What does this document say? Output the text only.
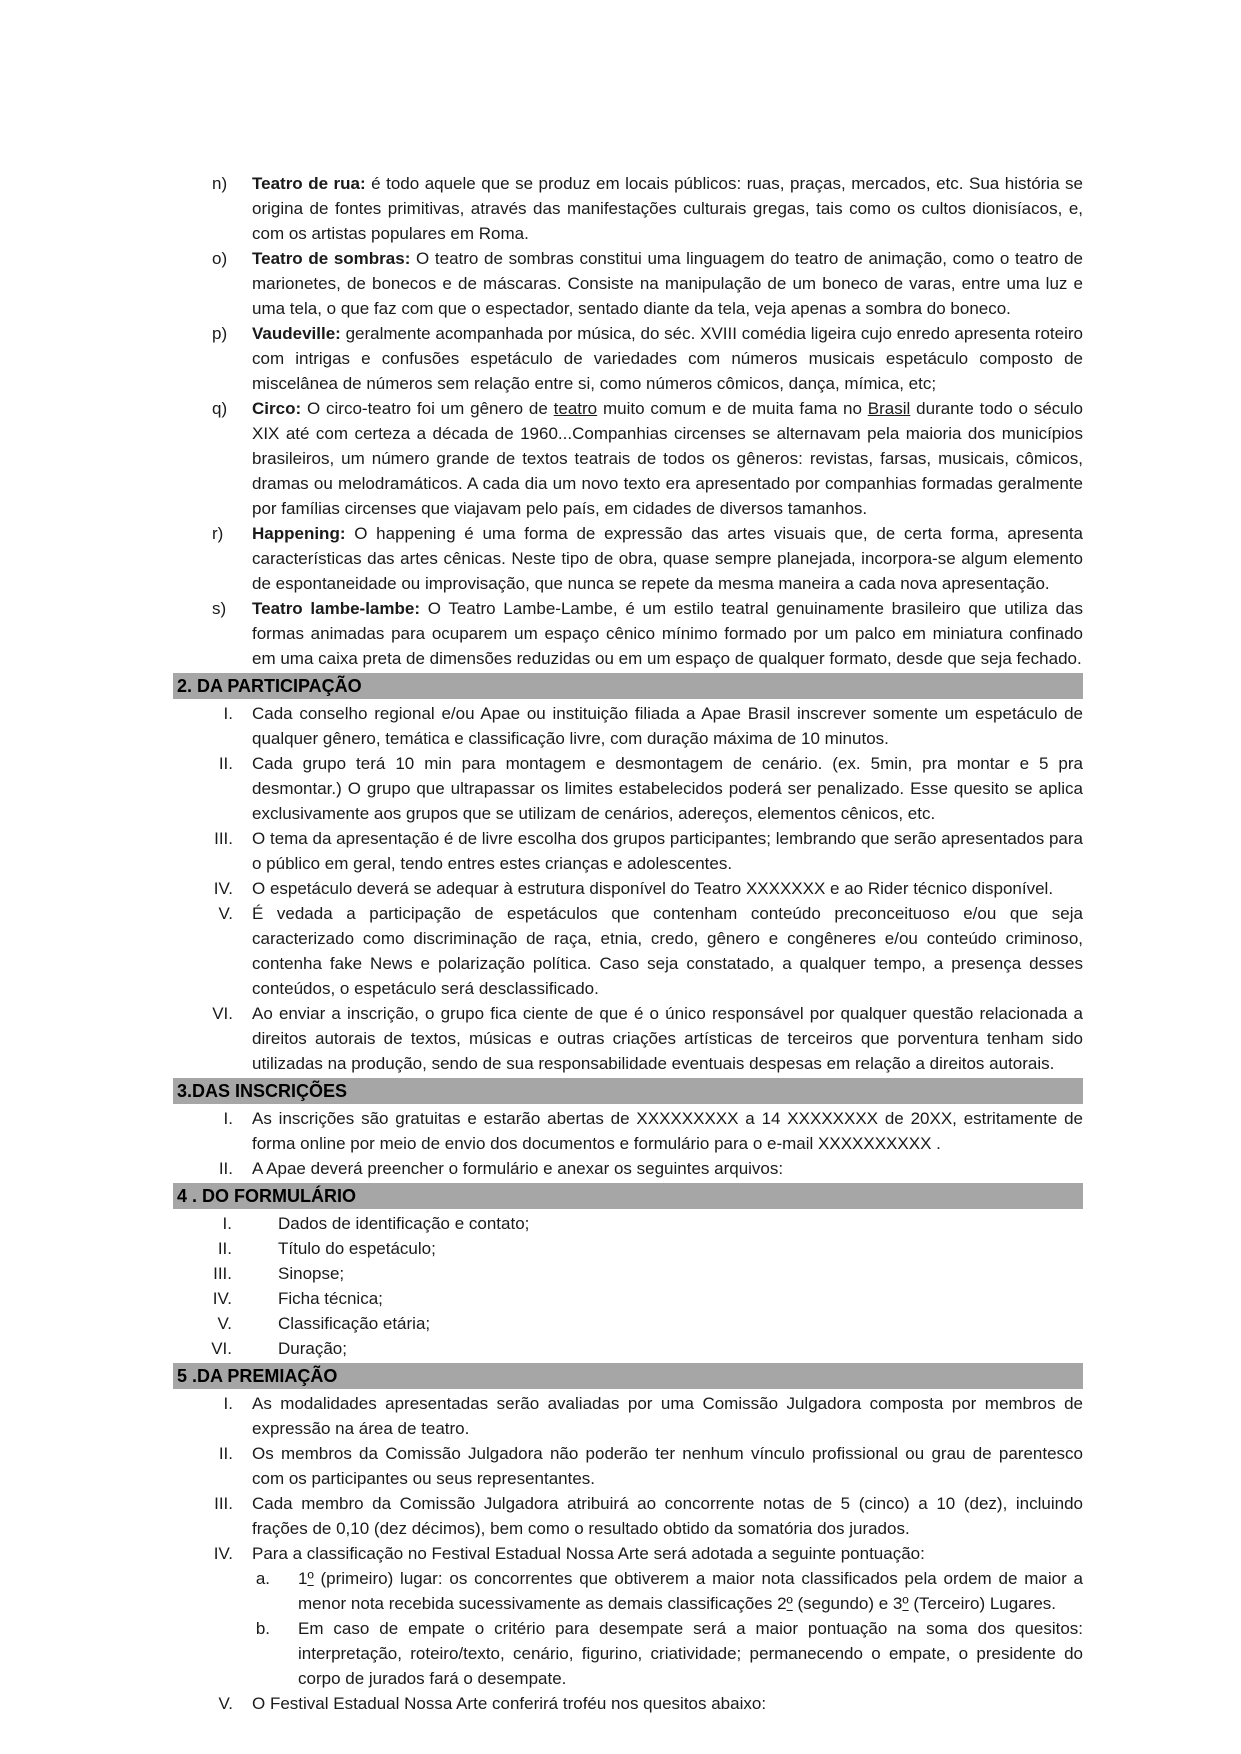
n)	Teatro de rua: é todo aquele que se produz em locais públicos: ruas, praças, mercados, etc. Sua história se origina de fontes primitivas, através das manifestações culturais gregas, tais como os cultos dionisíacos, e, com os artistas populares em Roma.

o)	Teatro de sombras: O teatro de sombras constitui uma linguagem do teatro de animação, como o teatro de marionetes, de bonecos e de máscaras. Consiste na manipulação de um boneco de varas, entre uma luz e uma tela, o que faz com que o espectador, sentado diante da tela, veja apenas a sombra do boneco.

p)	Vaudeville: geralmente acompanhada por música, do séc. XVIII comédia ligeira cujo enredo apresenta roteiro com intrigas e confusões espetáculo de variedades com números musicais espetáculo composto de miscelânea de números sem relação entre si, como números cômicos, dança, mímica, etc;

q)	Circo: O circo-teatro foi um gênero de teatro muito comum e de muita fama no Brasil durante todo o século XIX até com certeza a década de 1960...Companhias circenses se alternavam pela maioria dos municípios brasileiros, um número grande de textos teatrais de todos os gêneros: revistas, farsas, musicais, cômicos, dramas ou melodramáticos. A cada dia um novo texto era apresentado por companhias formadas geralmente por famílias circenses que viajavam pelo país, em cidades de diversos tamanhos.

r)	Happening: O happening é uma forma de expressão das artes visuais que, de certa forma, apresenta características das artes cênicas. Neste tipo de obra, quase sempre planejada, incorpora-se algum elemento de espontaneidade ou improvisação, que nunca se repete da mesma maneira a cada nova apresentação.

s)	Teatro lambe-lambe: O Teatro Lambe-Lambe, é um estilo teatral genuinamente brasileiro que utiliza das formas animadas para ocuparem um espaço cênico mínimo formado por um palco em miniatura confinado em uma caixa preta de dimensões reduzidas ou em um espaço de qualquer formato, desde que seja fechado.

2. DA PARTICIPAÇÃO
I.	Cada conselho regional e/ou Apae ou instituição filiada a Apae Brasil inscrever somente um espetáculo de qualquer gênero, temática e classificação livre, com duração máxima de 10 minutos.

II.	Cada grupo terá 10 min para montagem e desmontagem de cenário. (ex. 5min, pra montar e 5 pra desmontar.) O grupo que ultrapassar os limites estabelecidos poderá ser penalizado. Esse quesito se aplica exclusivamente aos grupos que se utilizam de cenários, adereços, elementos cênicos, etc.

III.	O tema da apresentação é de livre escolha dos grupos participantes; lembrando que serão apresentados para o público em geral, tendo entres estes crianças e adolescentes.

IV.	O espetáculo deverá se adequar à estrutura disponível do Teatro XXXXXXX e ao Rider técnico disponível.

V.	É vedada a participação de espetáculos que contenham conteúdo preconceituoso e/ou que seja caracterizado como discriminação de raça, etnia, credo, gênero e congêneres e/ou conteúdo criminoso, contenha fake News e polarização política. Caso seja constatado, a qualquer tempo, a presença desses conteúdos, o espetáculo será desclassificado.

VI.	Ao enviar a inscrição, o grupo fica ciente de que é o único responsável por qualquer questão relacionada a direitos autorais de textos, músicas e outras criações artísticas de terceiros que porventura tenham sido utilizadas na produção, sendo de sua responsabilidade eventuais despesas em relação a direitos autorais.

3.DAS INSCRIÇÕES
I.	As inscrições são gratuitas e estarão abertas de XXXXXXXXX a 14 XXXXXXXX de 20XX, estritamente de forma online por meio de envio dos documentos e formulário para o e-mail XXXXXXXXXX .

II.	A Apae deverá preencher o formulário e anexar os seguintes arquivos:

4 . DO FORMULÁRIO
I.	Dados de identificação e contato;

II.	Título do espetáculo;

III.	Sinopse;

IV.	Ficha técnica;

V.	Classificação etária;

VI.	Duração;

5 .DA PREMIAÇÃO
I.	As modalidades apresentadas serão avaliadas por uma Comissão Julgadora composta por membros de expressão na área de teatro.

II.	Os membros da Comissão Julgadora não poderão ter nenhum vínculo profissional ou grau de parentesco com os participantes ou seus representantes.

III.	Cada membro da Comissão Julgadora atribuirá ao concorrente notas de 5 (cinco) a 10 (dez), incluindo frações de 0,10 (dez décimos), bem como o resultado obtido da somatória dos jurados.

IV.	Para a classificação no Festival Estadual Nossa Arte será adotada a seguinte pontuação:

a.	1º (primeiro) lugar: os concorrentes que obtiverem a maior nota classificados pela ordem de maior a menor nota recebida sucessivamente as demais classificações 2º (segundo) e 3º (Terceiro) Lugares.

b.	Em caso de empate o critério para desempate será a maior pontuação na soma dos quesitos: interpretação, roteiro/texto, cenário, figurino, criatividade; permanecendo o empate, o presidente do corpo de jurados fará o desempate.

V.	O Festival Estadual Nossa Arte conferirá troféu nos quesitos abaixo:
